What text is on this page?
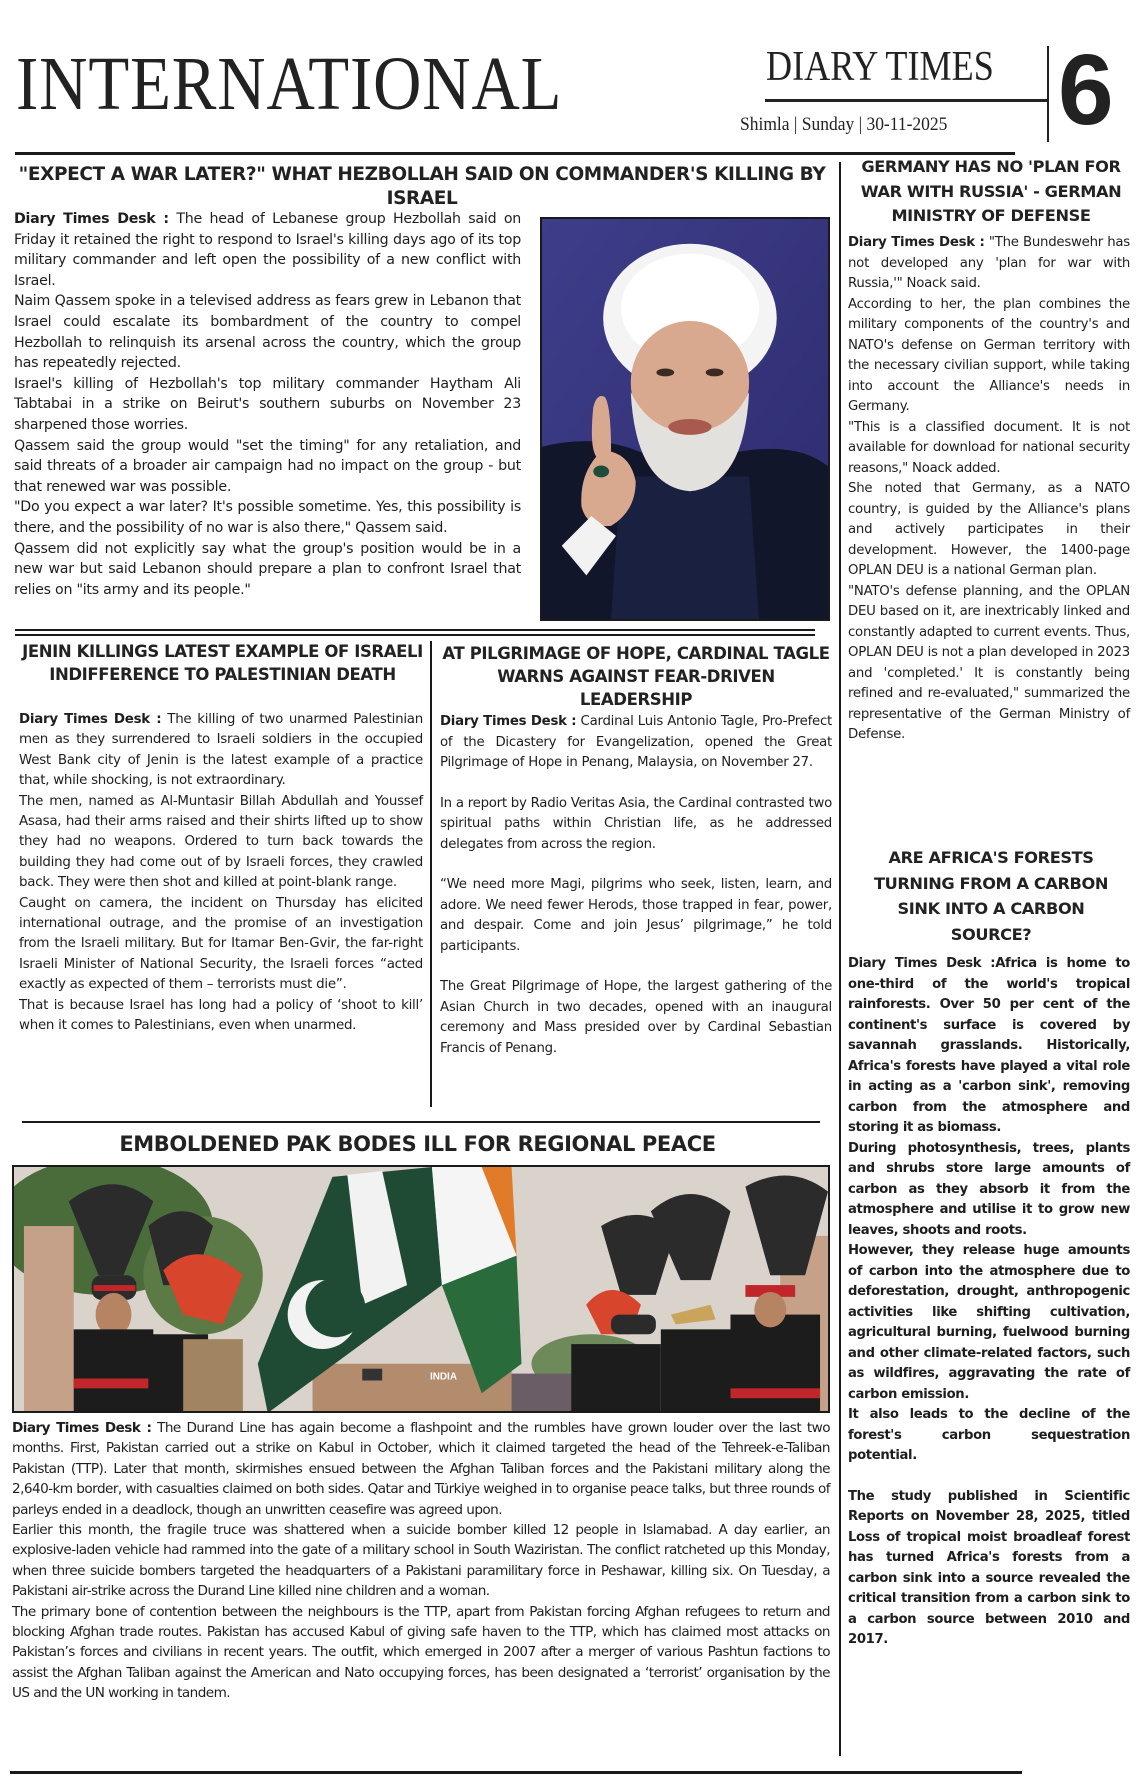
INTERNATIONAL	DIARY TIMES
Shimla | Sunday | 30-11-2025 6
"EXPECT A WAR LATER?" WHAT HEZBOLLAH SAID ON COMMANDER'S KILLING BY ISRAEL

Diary Times Desk : The head of Lebanese group Hezbollah said on Friday it retained the right to respond to Israel's killing days ago of its top military commander and left open the possibility of a new conflict with Israel.

Naim Qassem spoke in a televised address as fears grew in Lebanon that Israel could escalate its bombardment of the country to compel Hezbollah to relinquish its arsenal across the country, which the group has repeatedly rejected.

Israel's killing of Hezbollah's top military commander Haytham Ali Tabtabai in a strike on Beirut's southern suburbs on November 23 sharpened those worries.

Qassem said the group would "set the timing" for any retaliation, and said threats of a broader air campaign had no impact on the group - but that renewed war was possible.

"Do you expect a war later? It's possible sometime. Yes, this possibility is there, and the possibility of no war is also there," Qassem said.

Qassem did not explicitly say what the group's position would be in a new war but said Lebanon should prepare a plan to confront Israel that relies on "its army and its people."

GERMANY HAS NO 'PLAN FOR WAR WITH RUSSIA' - GERMAN MINISTRY OF DEFENSE

Diary Times Desk : "The Bundeswehr has not developed any 'plan for war with Russia,'" Noack said.

According to her, the plan combines the military components of the country's and NATO's defense on German territory with the necessary civilian support, while taking into account the Alliance's needs in Germany.

"This is a classified document. It is not available for download for national security reasons," Noack added.

She noted that Germany, as a NATO country, is guided by the Alliance's plans and actively participates in their development. However, the 1400-page OPLAN DEU is a national German plan.

"NATO's defense planning, and the OPLAN DEU based on it, are inextricably linked and constantly adapted to current events. Thus, OPLAN DEU is not a plan developed in 2023 and 'completed.' It is constantly being refined and re-evaluated," summarized the representative of the German Ministry of Defense.

ARE AFRICA'S FORESTS TURNING FROM A CARBON SINK INTO A CARBON SOURCE?

Diary Times Desk :Africa is home to one-third of the world's tropical rainforests. Over 50 per cent of the continent's surface is covered by savannah grasslands. Historically, Africa's forests have played a vital role in acting as a 'carbon sink', removing carbon from the atmosphere and storing it as biomass.

During photosynthesis, trees, plants and shrubs store large amounts of carbon as they absorb it from the atmosphere and utilise it to grow new leaves, shoots and roots.

However, they release huge amounts of carbon into the atmosphere due to deforestation, drought, anthropogenic activities like shifting cultivation, agricultural burning, fuelwood burning and other climate-related factors, such as wildfires, aggravating the rate of carbon emission.

It also leads to the decline of the forest's carbon sequestration potential.

The study published in Scientific Reports on November 28, 2025, titled Loss of tropical moist broadleaf forest has turned Africa's forests from a carbon sink into a source revealed the critical transition from a carbon sink to a carbon source between 2010 and 2017.

JENIN KILLINGS LATEST EXAMPLE OF ISRAELI INDIFFERENCE TO PALESTINIAN DEATH

Diary Times Desk : The killing of two unarmed Palestinian men as they surrendered to Israeli soldiers in the occupied West Bank city of Jenin is the latest example of a practice that, while shocking, is not extraordinary.

The men, named as Al-Muntasir Billah Abdullah and Youssef Asasa, had their arms raised and their shirts lifted up to show they had no weapons. Ordered to turn back towards the building they had come out of by Israeli forces, they crawled back. They were then shot and killed at point-blank range.

Caught on camera, the incident on Thursday has elicited international outrage, and the promise of an investigation from the Israeli military. But for Itamar Ben-Gvir, the far-right Israeli Minister of National Security, the Israeli forces “acted exactly as expected of them – terrorists must die”.

That is because Israel has long had a policy of ‘shoot to kill’ when it comes to Palestinians, even when unarmed.

AT PILGRIMAGE OF HOPE, CARDINAL TAGLE WARNS AGAINST FEAR-DRIVEN LEADERSHIP

Diary Times Desk : Cardinal Luis Antonio Tagle, Pro-Prefect of the Dicastery for Evangelization, opened the Great Pilgrimage of Hope in Penang, Malaysia, on November 27.

In a report by Radio Veritas Asia, the Cardinal contrasted two spiritual paths within Christian life, as he addressed delegates from across the region.

“We need more Magi, pilgrims who seek, listen, learn, and adore. We need fewer Herods, those trapped in fear, power, and despair. Come and join Jesus’ pilgrimage,” he told participants.

The Great Pilgrimage of Hope, the largest gathering of the Asian Church in two decades, opened with an inaugural ceremony and Mass presided over by Cardinal Sebastian Francis of Penang.

EMBOLDENED PAK BODES ILL FOR REGIONAL PEACE
INDIA

Diary Times Desk : The Durand Line has again become a flashpoint and the rumbles have grown louder over the last two months. First, Pakistan carried out a strike on Kabul in October, which it claimed targeted the head of the Tehreek-e-Taliban Pakistan (TTP). Later that month, skirmishes ensued between the Afghan Taliban forces and the Pakistani military along the 2,640-km border, with casualties claimed on both sides. Qatar and Türkiye weighed in to organise peace talks, but three rounds of parleys ended in a deadlock, though an unwritten ceasefire was agreed upon.

Earlier this month, the fragile truce was shattered when a suicide bomber killed 12 people in Islamabad. A day earlier, an explosive-laden vehicle had rammed into the gate of a military school in South Waziristan. The conflict ratcheted up this Monday, when three suicide bombers targeted the headquarters of a Pakistani paramilitary force in Peshawar, killing six. On Tuesday, a Pakistani air-strike across the Durand Line killed nine children and a woman.

The primary bone of contention between the neighbours is the TTP, apart from Pakistan forcing Afghan refugees to return and blocking Afghan trade routes. Pakistan has accused Kabul of giving safe haven to the TTP, which has claimed most attacks on Pakistan’s forces and civilians in recent years. The outfit, which emerged in 2007 after a merger of various Pashtun factions to assist the Afghan Taliban against the American and Nato occupying forces, has been designated a ‘terrorist’ organisation by the US and the UN working in tandem.
